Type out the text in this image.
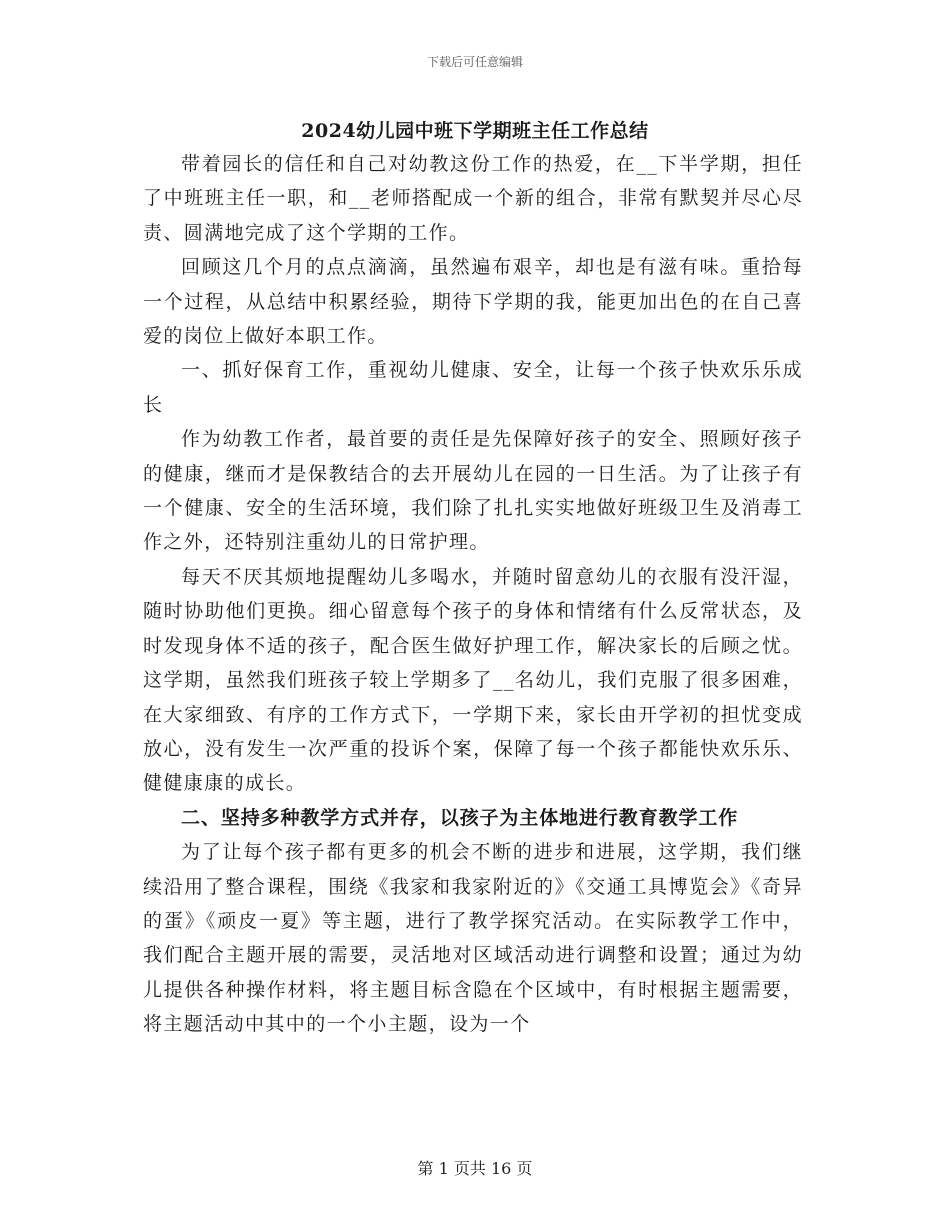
下载后可任意编辑
2024幼儿园中班下学期班主任工作总结

带着园长的信任和自己对幼教这份工作的热爱，在__下半学期，担任了中班班主任一职，和__老师搭配成一个新的组合，非常有默契并尽心尽责、圆满地完成了这个学期的工作。

回顾这几个月的点点滴滴，虽然遍布艰辛，却也是有滋有味。重拾每一个过程，从总结中积累经验，期待下学期的我，能更加出色的在自己喜爱的岗位上做好本职工作。

一、抓好保育工作，重视幼儿健康、安全，让每一个孩子快欢乐乐成长

作为幼教工作者，最首要的责任是先保障好孩子的安全、照顾好孩子的健康，继而才是保教结合的去开展幼儿在园的一日生活。为了让孩子有一个健康、安全的生活环境，我们除了扎扎实实地做好班级卫生及消毒工作之外，还特别注重幼儿的日常护理。

每天不厌其烦地提醒幼儿多喝水，并随时留意幼儿的衣服有没汗湿，随时协助他们更换。细心留意每个孩子的身体和情绪有什么反常状态，及时发现身体不适的孩子，配合医生做好护理工作，解决家长的后顾之忧。这学期，虽然我们班孩子较上学期多了__名幼儿，我们克服了很多困难，在大家细致、有序的工作方式下，一学期下来，家长由开学初的担忧变成放心，没有发生一次严重的投诉个案，保障了每一个孩子都能快欢乐乐、健健康康的成长。

二、坚持多种教学方式并存，以孩子为主体地进行教育教学工作

为了让每个孩子都有更多的机会不断的进步和进展，这学期，我们继续沿用了整合课程，围绕《我家和我家附近的》《交通工具博览会》《奇异的蛋》《顽皮一夏》等主题，进行了教学探究活动。在实际教学工作中，我们配合主题开展的需要，灵活地对区域活动进行调整和设置；通过为幼儿提供各种操作材料，将主题目标含隐在个区域中，有时根据主题需要，将主题活动中其中的一个小主题，设为一个

第 1 页共 16 页
